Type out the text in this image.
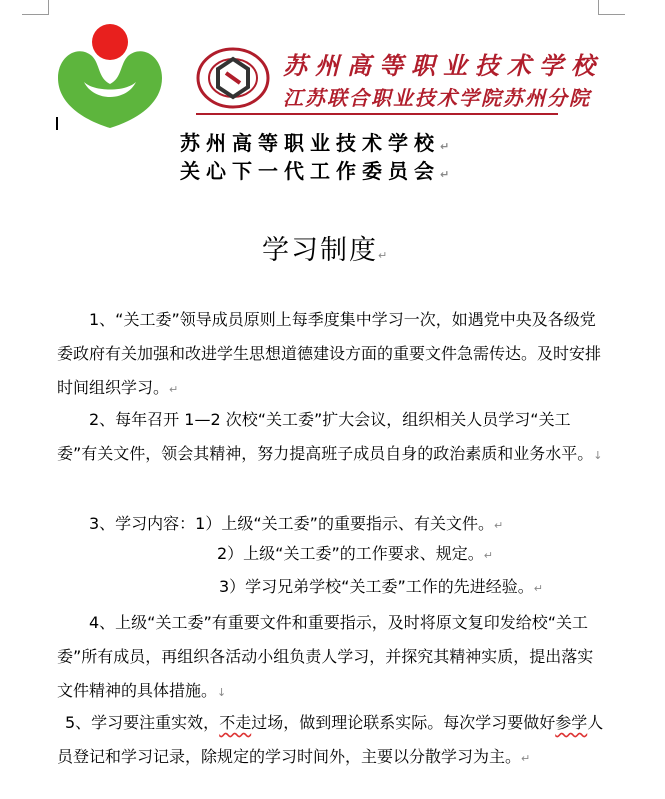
苏州高等职业技术学校
江苏联合职业技术学院苏州分院
苏州高等职业技术学校↵
关心下一代工作委员会↵
学习制度↵
1、“关工委”领导成员原则上每季度集中学习一次，如遇党中央及各级党委政府有关加强和改进学生思想道德建设方面的重要文件急需传达。及时安排时间组织学习。↵
2、每年召开 1—2 次校“关工委”扩大会议，组织相关人员学习“关工委”有关文件，领会其精神，努力提高班子成员自身的政治素质和业务水平。↓
3、学习内容：1）上级“关工委”的重要指示、有关文件。↵
2）上级“关工委”的工作要求、规定。↵
3）学习兄弟学校“关工委”工作的先进经验。↵
4、上级“关工委”有重要文件和重要指示，及时将原文复印发给校“关工委”所有成员，再组织各活动小组负责人学习，并探究其精神实质，提出落实文件精神的具体措施。↓
5、学习要注重实效，不走过场，做到理论联系实际。每次学习要做好参学人员登记和学习记录，除规定的学习时间外，主要以分散学习为主。↵
